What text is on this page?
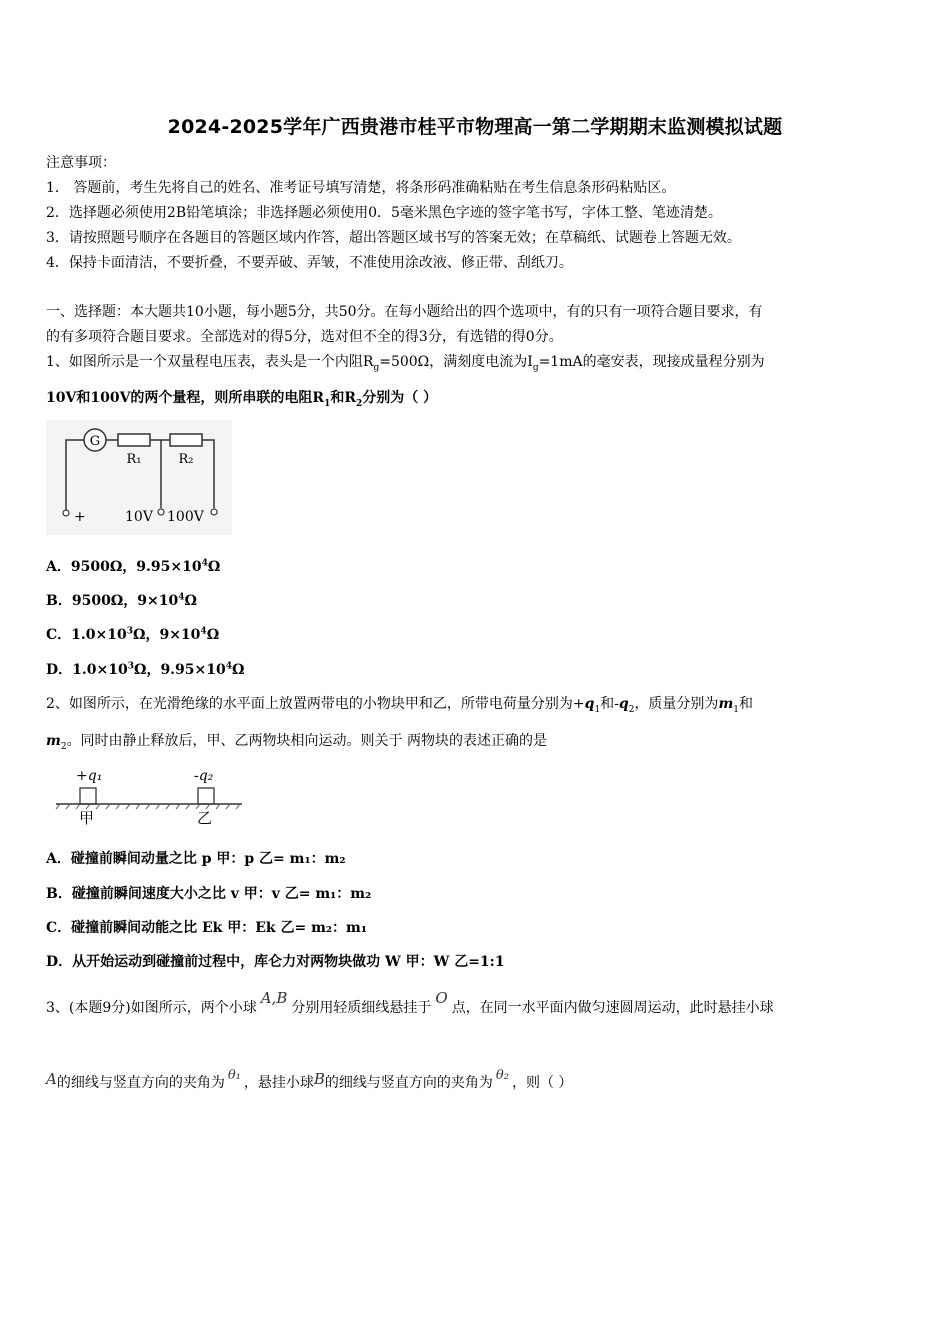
2024-2025学年广西贵港市桂平市物理高一第二学期期末监测模拟试题
注意事项：
1． 答题前，考生先将自己的姓名、准考证号填写清楚，将条形码准确粘贴在考生信息条形码粘贴区。
2．选择题必须使用2B铅笔填涂；非选择题必须使用0．5毫米黑色字迹的签字笔书写，字体工整、笔迹清楚。
3．请按照题号顺序在各题目的答题区域内作答，超出答题区域书写的答案无效；在草稿纸、试题卷上答题无效。
4．保持卡面清洁，不要折叠，不要弄破、弄皱，不准使用涂改液、修正带、刮纸刀。
一、选择题：本大题共10小题，每小题5分，共50分。在每小题给出的四个选项中，有的只有一项符合题目要求，有
的有多项符合题目要求。全部选对的得5分，选对但不全的得3分，有选错的得0分。
1、如图所示是一个双量程电压表，表头是一个内阻$R_g=500\Omega$，满刻度电流为$I_g=1mA$的毫安表，现接成量程分别为
10V和100V的两个量程，则所串联的电阻$R_1$和$R_2$分别为（ ）
G
R₁	R₂
+	10V 100V
A．9500Ω，$9.95\times 10^4\Omega$
B．9500Ω，$9\times 10^4\Omega$
C．$1.0\times 10^3\Omega$，$9\times 10^4\Omega$
D．$1.0\times 10^3\Omega$，$9.95\times 10^4\Omega$
2、如图所示，在光滑绝缘的水平面上放置两带电的小物块甲和乙，所带电荷量分别为$+q_1$和$-q_2$，质量分别为$m_1$和
$m_2$。同时由静止释放后，甲、乙两物块相向运动。则关于 两物块的表述正确的是
+q₁	-q₂
甲	乙
A．碰撞前瞬间动量之比 p 甲：p 乙= m₁：m₂
B．碰撞前瞬间速度大小之比 v 甲：v 乙= m₁：m₂
C．碰撞前瞬间动能之比 Ek 甲：Ek 乙= m₂：m₁
D．从开始运动到碰撞前过程中，库仑力对两物块做功 W 甲：W 乙=1:1
3、(本题9分)如图所示，两个小球A,B分别用轻质细线悬挂于O点，在同一水平面内做匀速圆周运动，此时悬挂小球
A的细线与竖直方向的夹角为 θ₁ ，悬挂小球B的细线与竖直方向的夹角为 θ₂ ，则（ ）
